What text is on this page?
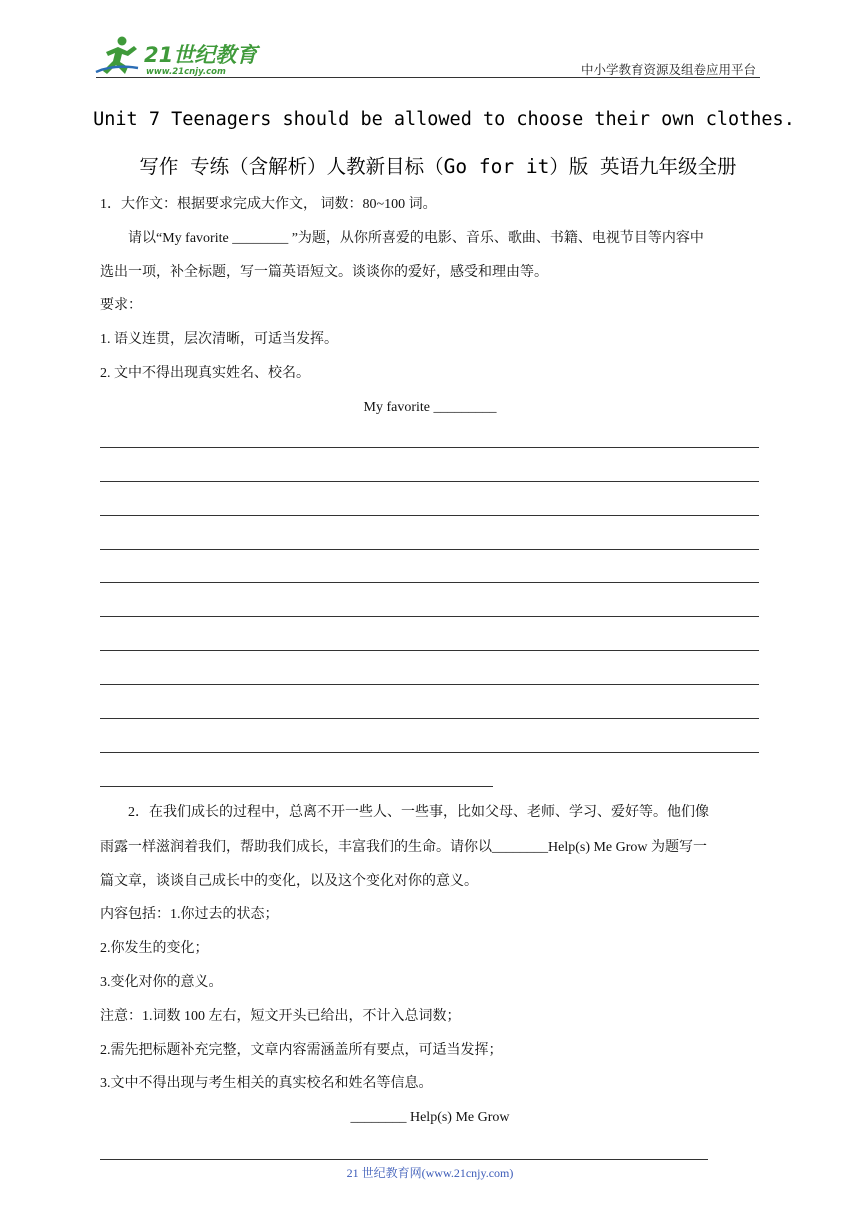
21世纪教育
www.21cnjy.com	中小学教育资源及组卷应用平台
Unit 7 Teenagers should be allowed to choose their own clothes.
写作 专练（含解析）人教新目标（Go for it）版 英语九年级全册
1．大作文：根据要求完成大作文， 词数：80~100 词。
请以“My favorite ________ ”为题，从你所喜爱的电影、音乐、歌曲、书籍、电视节目等内容中
选出一项，补全标题，写一篇英语短文。谈谈你的爱好，感受和理由等。
要求：
1. 语义连贯，层次清晰，可适当发挥。
2. 文中不得出现真实姓名、校名。
My favorite _________
2．在我们成长的过程中，总离不开一些人、一些事，比如父母、老师、学习、爱好等。他们像
雨露一样滋润着我们，帮助我们成长，丰富我们的生命。请你以________Help(s) Me Grow 为题写一
篇文章，谈谈自己成长中的变化，以及这个变化对你的意义。
内容包括：1.你过去的状态；
2.你发生的变化；
3.变化对你的意义。
注意：1.词数 100 左右，短文开头已给出，不计入总词数；
2.需先把标题补充完整，文章内容需涵盖所有要点，可适当发挥；
3.文中不得出现与考生相关的真实校名和姓名等信息。
________ Help(s) Me Grow
21 世纪教育网(www.21cnjy.com)
